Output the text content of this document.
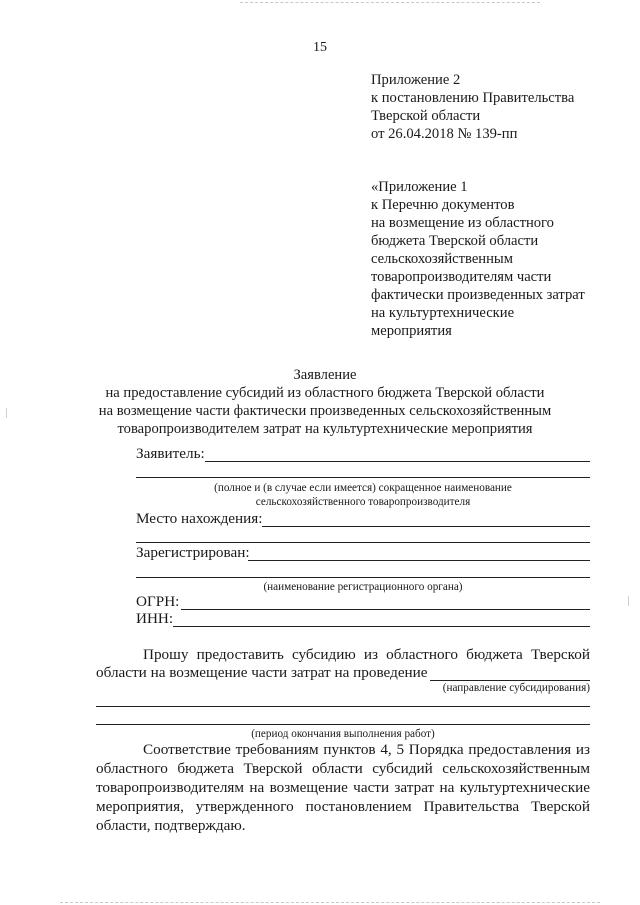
15
Приложение 2
к постановлению Правительства
Тверской области
от 26.04.2018 № 139-пп
«Приложение 1
к Перечню документов
на возмещение из областного
бюджета Тверской области
сельскохозяйственным
товаропроизводителям части
фактически произведенных затрат
на культуртехнические
мероприятия
Заявление
на предоставление субсидий из областного бюджета Тверской области
на возмещение части фактически произведенных сельскохозяйственным
товаропроизводителем затрат на культуртехнические мероприятия
Заявитель:
(полное и (в случае если имеется) сокращенное наименование
сельскохозяйственного товаропроизводителя
Место нахождения:
Зарегистрирован:
(наименование регистрационного органа)
ОГРН:
ИНН:
Прошу предоставить субсидию из областного бюджета Тверской
области на возмещение части затрат на проведение
(направление субсидирования)
(период окончания выполнения работ)
Соответствие требованиям пунктов 4, 5 Порядка предоставления из областного бюджета Тверской области субсидий сельскохозяйственным товаропроизводителям на возмещение части затрат на культуртехнические мероприятия, утвержденного постановлением Правительства Тверской области, подтверждаю.
